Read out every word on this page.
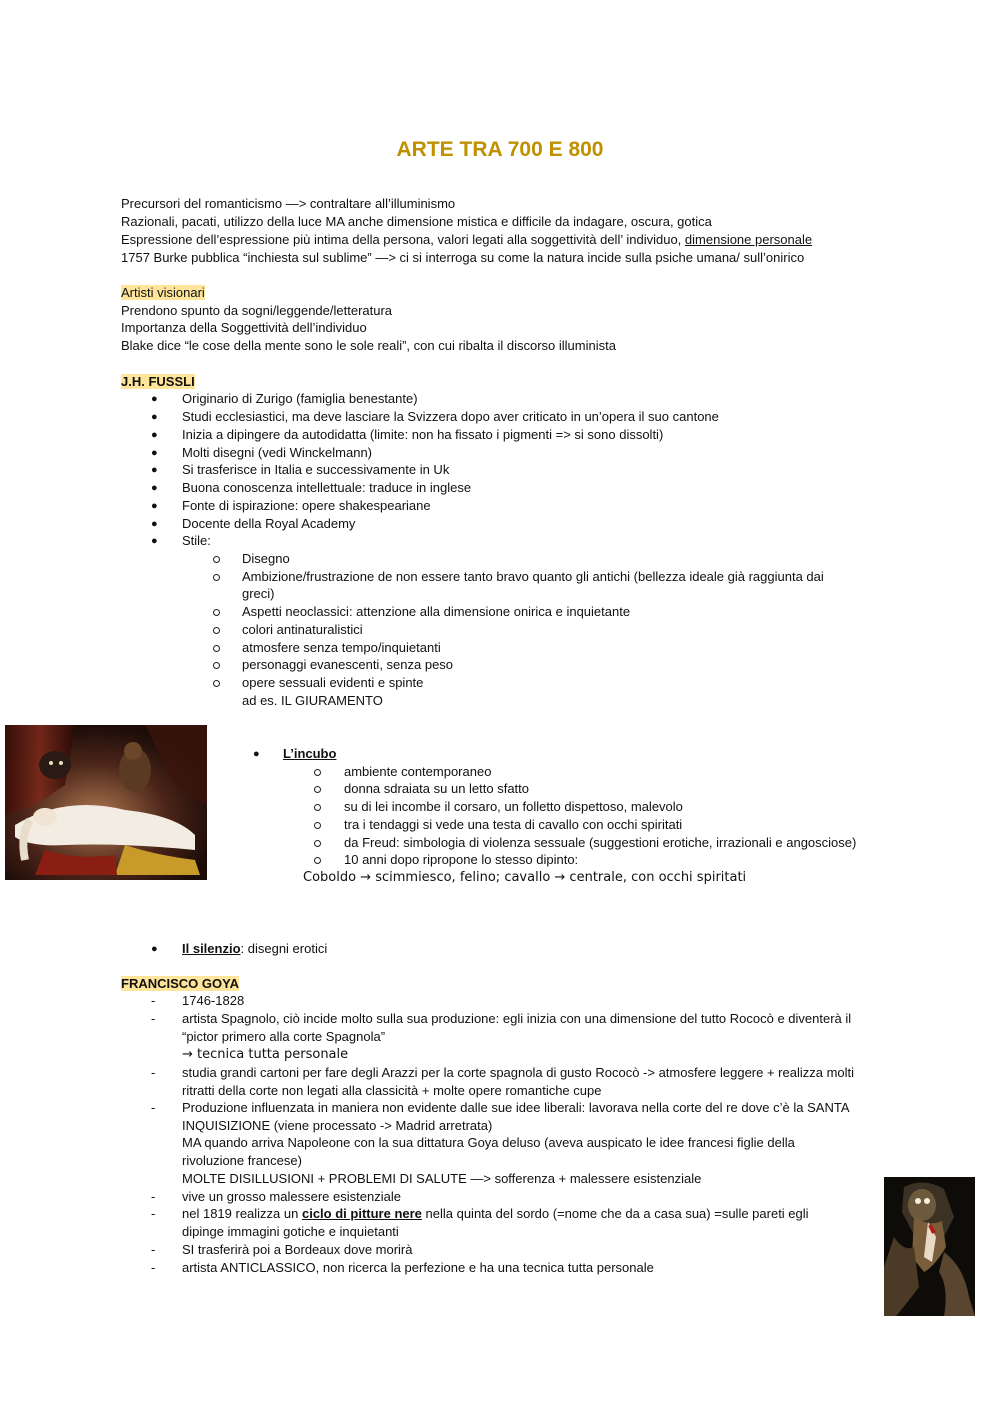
ARTE TRA 700 E 800
Precursori del romanticismo —> contraltare all’illuminismo
Razionali, pacati, utilizzo della luce MA anche dimensione mistica e difficile da indagare, oscura, gotica
Espressione dell’espressione più intima della persona, valori legati alla soggettività dell’ individuo, dimensione personale
1757 Burke pubblica “inchiesta sul sublime” —> ci si interroga su come la natura incide sulla psiche umana/ sull’onirico
Artisti visionari
Prendono spunto da sogni/leggende/letteratura
Importanza della Soggettività dell’individuo
Blake dice “le cose della mente sono le sole reali”, con cui ribalta il discorso illuminista
J.H. FUSSLI
● Originario di Zurigo (famiglia benestante)
● Studi ecclesiastici, ma deve lasciare la Svizzera dopo aver criticato in un’opera il suo cantone
● Inizia a dipingere da autodidatta (limite: non ha fissato i pigmenti => si sono dissolti)
● Molti disegni (vedi Winckelmann)
● Si trasferisce in Italia e successivamente in Uk
● Buona conoscenza intellettuale: traduce in inglese
● Fonte di ispirazione: opere shakespeariane
● Docente della Royal Academy
● Stile:
Disegno
Ambizione/frustrazione de non essere tanto bravo quanto gli antichi (bellezza ideale già raggiunta dai
greci)
Aspetti neoclassici: attenzione alla dimensione onirica e inquietante
colori antinaturalistici
atmosfere senza tempo/inquietanti
personaggi evanescenti, senza peso
opere sessuali evidenti e spinte
ad es. IL GIURAMENTO
● L’incubo
ambiente contemporaneo
donna sdraiata su un letto sfatto
su di lei incombe il corsaro, un folletto dispettoso, malevolo
tra i tendaggi si vede una testa di cavallo con occhi spiritati
da Freud: simbologia di violenza sessuale (suggestioni erotiche, irrazionali e angosciose)
10 anni dopo ripropone lo stesso dipinto:
Coboldo → scimmiesco, felino; cavallo → centrale, con occhi spiritati
● Il silenzio: disegni erotici
FRANCISCO GOYA
- 1746-1828
- artista Spagnolo, ciò incide molto sulla sua produzione: egli inizia con una dimensione del tutto Rococò e diventerà il
“pictor primero alla corte Spagnola”
→ tecnica tutta personale
- studia grandi cartoni per fare degli Arazzi per la corte spagnola di gusto Rococò -> atmosfere leggere + realizza molti
ritratti della corte non legati alla classicità + molte opere romantiche cupe
- Produzione influenzata in maniera non evidente dalle sue idee liberali: lavorava nella corte del re dove c’è la SANTA
INQUISIZIONE (viene processato -> Madrid arretrata)
MA quando arriva Napoleone con la sua dittatura Goya deluso (aveva auspicato le idee francesi figlie della
rivoluzione francese)
MOLTE DISILLUSIONI + PROBLEMI DI SALUTE —> sofferenza + malessere esistenziale
- vive un grosso malessere esistenziale
- nel 1819 realizza un ciclo di pitture nere nella quinta del sordo (=nome che da a casa sua) =sulle pareti egli
dipinge immagini gotiche e inquietanti
- SI trasferirà poi a Bordeaux dove morirà
- artista ANTICLASSICO, non ricerca la perfezione e ha una tecnica tutta personale
